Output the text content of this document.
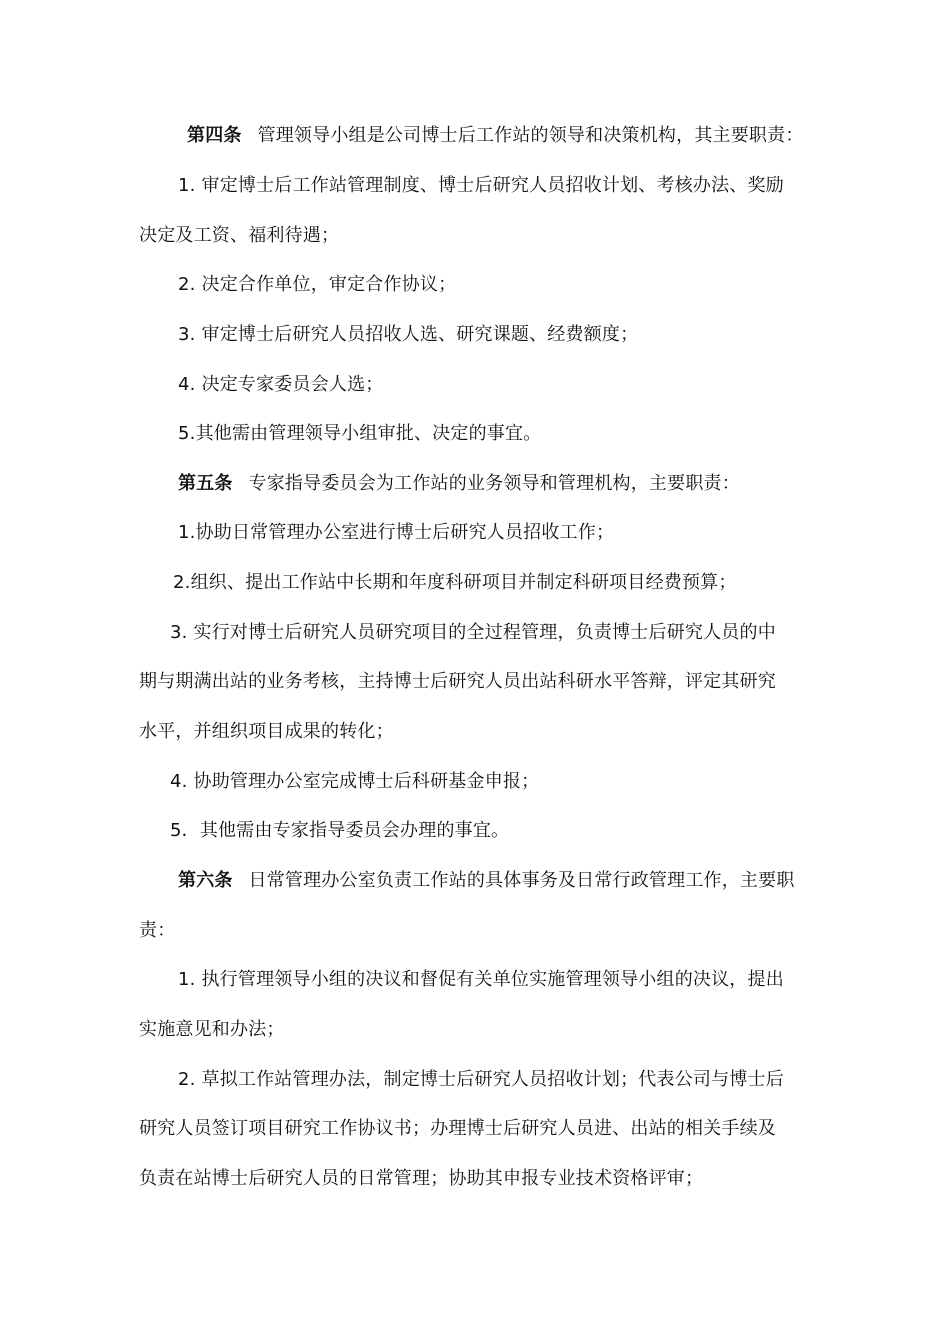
第四条 管理领导小组是公司博士后工作站的领导和决策机构，其主要职责：
1. 审定博士后工作站管理制度、博士后研究人员招收计划、考核办法、奖励
决定及工资、福利待遇；
2. 决定合作单位，审定合作协议；
3. 审定博士后研究人员招收人选、研究课题、经费额度；
4. 决定专家委员会人选；
5.其他需由管理领导小组审批、决定的事宜。
第五条 专家指导委员会为工作站的业务领导和管理机构，主要职责：
1.协助日常管理办公室进行博士后研究人员招收工作；
2.组织、提出工作站中长期和年度科研项目并制定科研项目经费预算；
3. 实行对博士后研究人员研究项目的全过程管理，负责博士后研究人员的中
期与期满出站的业务考核，主持博士后研究人员出站科研水平答辩，评定其研究
水平，并组织项目成果的转化；
4. 协助管理办公室完成博士后科研基金申报；
5．其他需由专家指导委员会办理的事宜。
第六条 日常管理办公室负责工作站的具体事务及日常行政管理工作，主要职
责：
1. 执行管理领导小组的决议和督促有关单位实施管理领导小组的决议，提出
实施意见和办法；
2. 草拟工作站管理办法，制定博士后研究人员招收计划；代表公司与博士后
研究人员签订项目研究工作协议书；办理博士后研究人员进、出站的相关手续及
负责在站博士后研究人员的日常管理；协助其申报专业技术资格评审；
